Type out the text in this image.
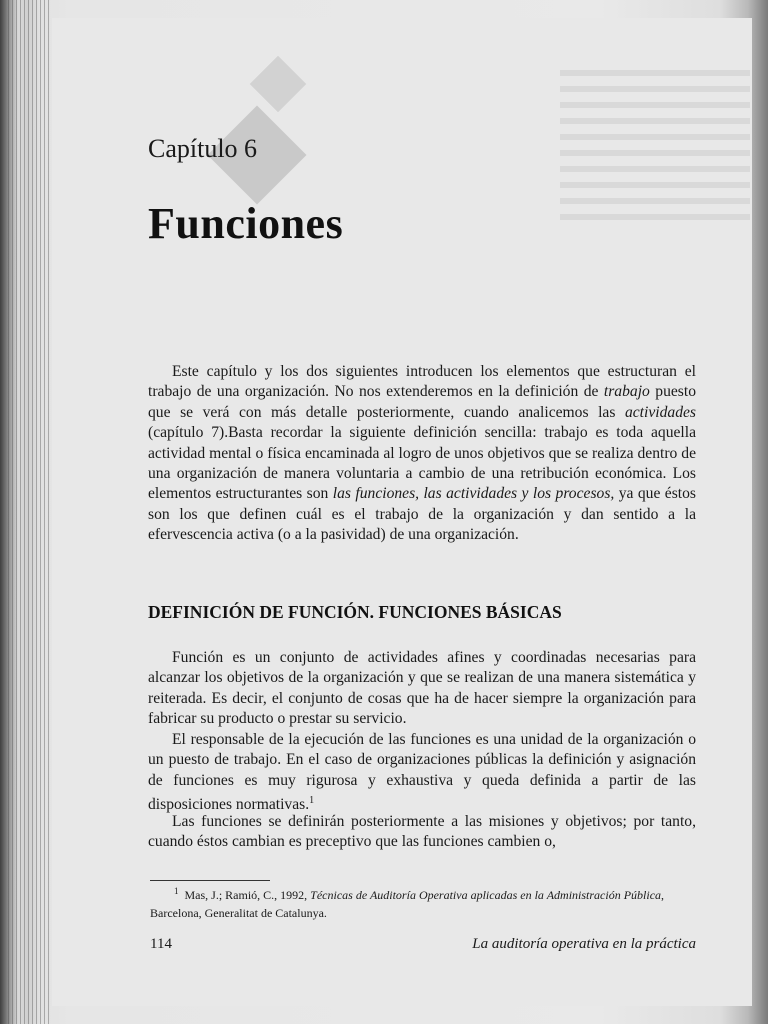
Capítulo 6
Funciones

Este capítulo y los dos siguientes introducen los elementos que estructuran el trabajo de una organización. No nos extenderemos en la definición de trabajo puesto que se verá con más detalle posteriormente, cuando analicemos las actividades (capítulo 7).Basta recordar la siguiente definición sencilla: trabajo es toda aquella actividad mental o física encaminada al logro de unos objetivos que se realiza dentro de una organización de manera voluntaria a cambio de una retribución económica. Los elementos estructurantes son las funciones, las actividades y los procesos, ya que éstos son los que definen cuál es el trabajo de la organización y dan sentido a la efervescencia activa (o a la pasividad) de una organización.

DEFINICIÓN DE FUNCIÓN. FUNCIONES BÁSICAS

Función es un conjunto de actividades afines y coordinadas necesarias para alcanzar los objetivos de la organización y que se realizan de una manera sistemática y reiterada. Es decir, el conjunto de cosas que ha de hacer siempre la organización para fabricar su producto o prestar su servicio.

El responsable de la ejecución de las funciones es una unidad de la organización o un puesto de trabajo. En el caso de organizaciones públicas la definición y asignación de funciones es muy rigurosa y exhaustiva y queda definida a partir de las disposiciones normativas.$^1$

Las funciones se definirán posteriormente a las misiones y objetivos; por tanto, cuando éstos cambian es preceptivo que las funciones cambien o,

$^1$ Mas, J.; Ramió, C., 1992, Técnicas de Auditoría Operativa aplicadas en la Administración Pública, Barcelona, Generalitat de Catalunya.

114	La auditoría operativa en la práctica
